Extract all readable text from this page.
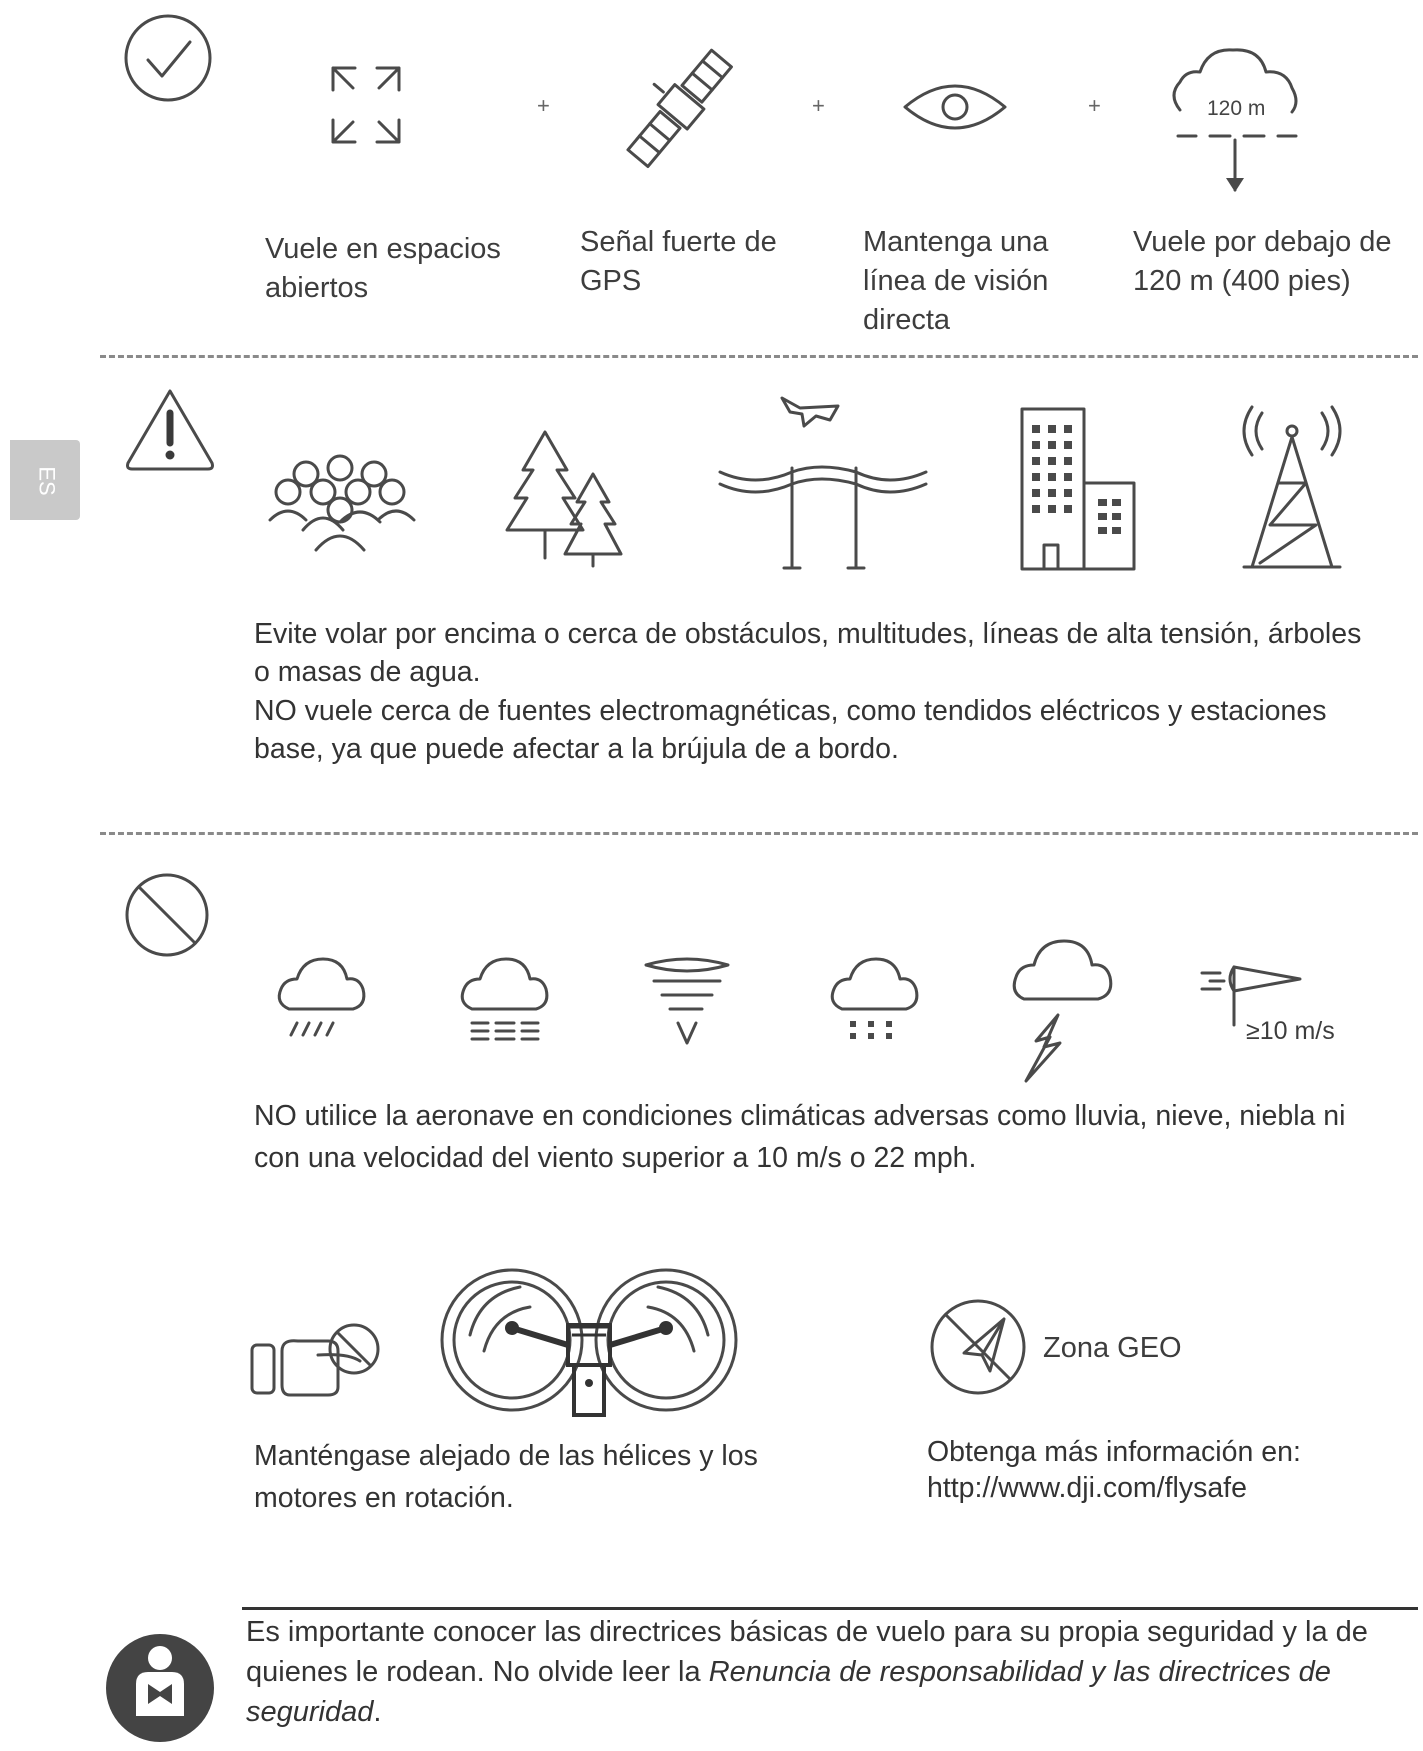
ES
+	+	+	120 m
Vuele en espacios abiertos
Señal fuerte de GPS
Mantenga una línea de visión directa
Vuele por debajo de 120 m (400 pies)
Evite volar por encima o cerca de obstáculos, multitudes, líneas de alta tensión, árboles
o masas de agua.
NO vuele cerca de fuentes electromagnéticas, como tendidos eléctricos y estaciones
base, ya que puede afectar a la brújula de a bordo.
≥10 m/s
NO utilice la aeronave en condiciones climáticas adversas como lluvia, nieve, niebla ni
con una velocidad del viento superior a 10 m/s o 22 mph.
Manténgase alejado de las hélices y los
motores en rotación.
Zona GEO
Obtenga más información en:
http://www.dji.com/flysafe
Es importante conocer las directrices básicas de vuelo para su propia seguridad y la de quienes le rodean. No olvide leer la Renuncia de responsabilidad y las directrices de seguridad.
